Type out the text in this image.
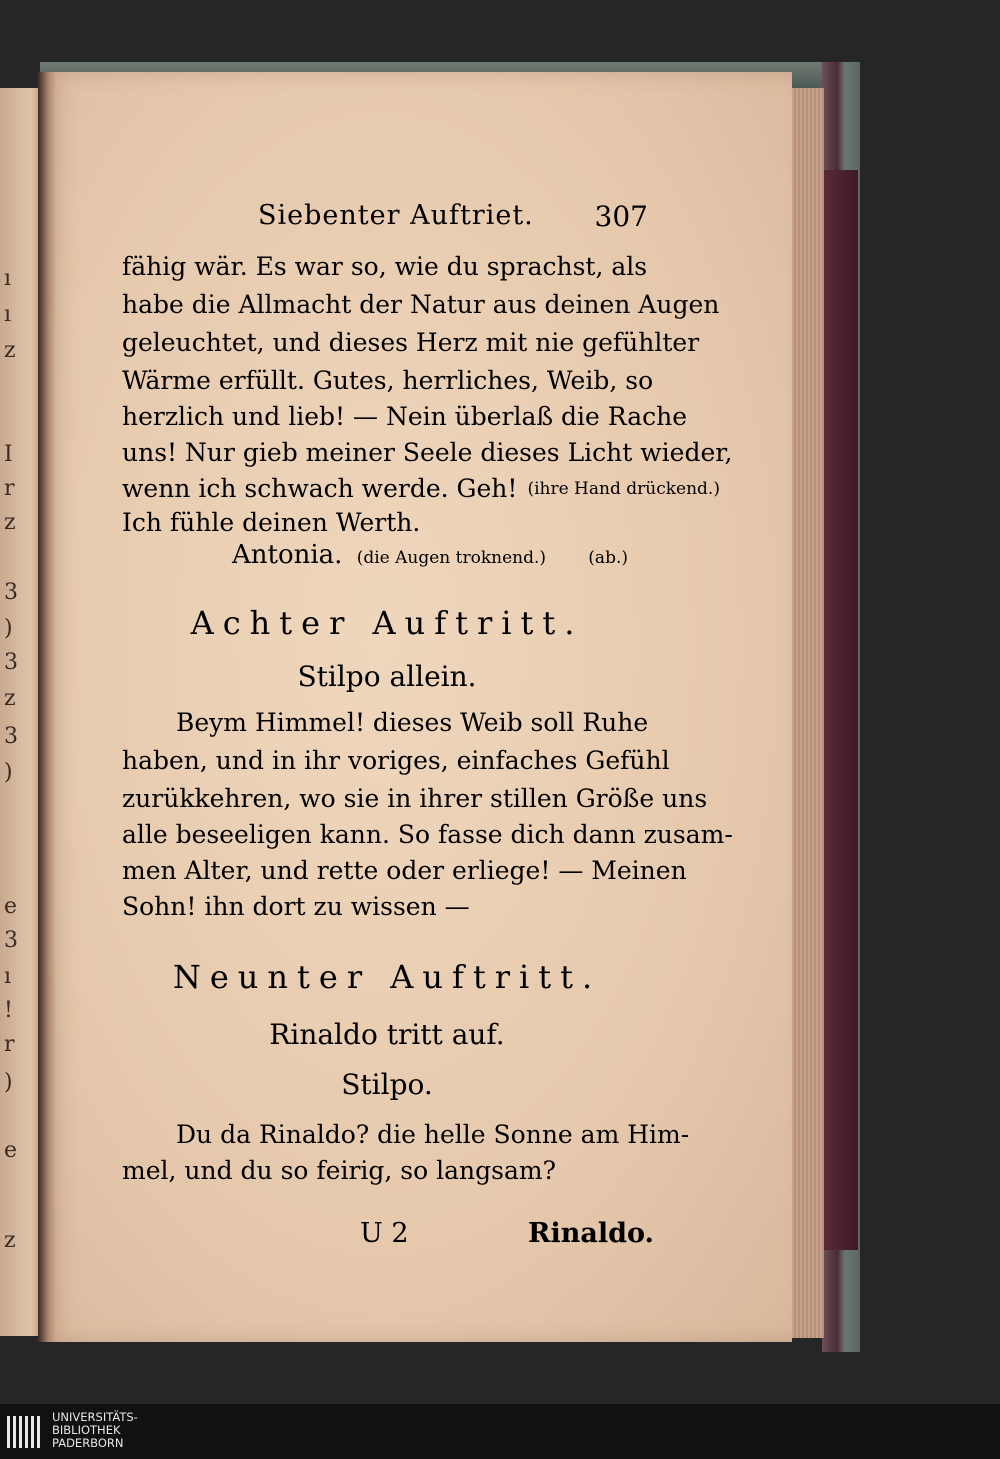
ı
ı
z
I
r
z
3
)
3
z
3
)
e
3
ı
!
r
)
e
z
Siebenter Auftriet. 307
fähig wär. Es war so, wie du sprachst, als
habe die Allmacht der Natur aus deinen Augen
geleuchtet, und dieses Herz mit nie gefühlter
Wärme erfüllt. Gutes, herrliches, Weib, so
herzlich und lieb! — Nein überlaß die Rache
uns! Nur gieb meiner Seele dieses Licht wieder,
wenn ich schwach werde. Geh! (ihre Hand drückend.)
Ich fühle deinen Werth.
Antonia. (die Augen troknend.) (ab.)
Achter Auftritt.
Stilpo allein.
Beym Himmel! dieses Weib soll Ruhe
haben, und in ihr voriges, einfaches Gefühl
zurükkehren, wo sie in ihrer stillen Größe uns
alle beseeligen kann. So fasse dich dann zusam-
men Alter, und rette oder erliege! — Meinen
Sohn! ihn dort zu wissen —
Neunter Auftritt.
Rinaldo tritt auf.
Stilpo.
Du da Rinaldo? die helle Sonne am Him-
mel, und du so feirig, so langsam?
U 2	Rinaldo.
UNIVERSITÄTS-
BIBLIOTHEK
PADERBORN
